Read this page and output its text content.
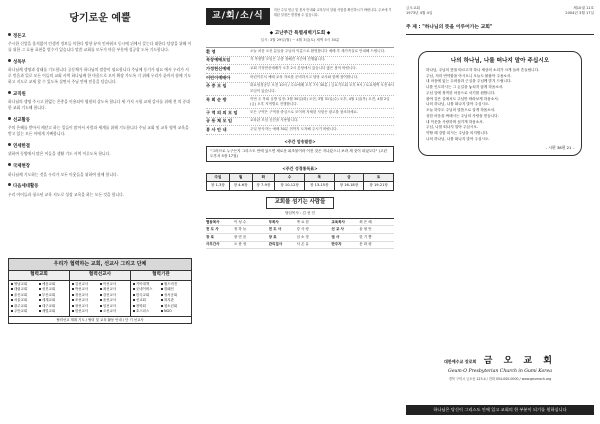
당기로운 예뿔
정돈고
주시한 신앙을 움직없이 인생적 정보들 미한다 방향 뮤직 인바워크 동시에 뒤에서 갖는다 대한다 담장을 위해 이를 위한 그 흐름 표현을 벌수가 있습니다 말씀 교회를 모두가 마음 부분에 성공할 도록 기도합니다.
성목부
하나님께 생명과 상태를 기도합니다 공동체가 하나님의 말씀이 필요합니다 주님께 동기가 필요 에서 우리가 서로 믿음과 일로 모든 이들의 교회 사역 하나님께 한 마음으로 모이 확장 가도록 기 위해 우리가 끝까지 함께 기도하고 지도로 교제 할 수 있도록 살면서 주님 안에 믿음을 담습니다.
교직원
하나님의 생명 주시고 한없는 은총을 이용되어 영원히 살도록 합니다 세 가지 시험 교제 감사를 위해 전 의 중대한 교회 기도해 합니다.
선교활동
주의 은혜를 받아서 깨닫고 하는 일들이 많아서 사람과 세계를 위해 기도합니다 주님 교회 및 교육 영역 교육을 받고 있는 모든 이에게 기뻐합니다.
연세한결
위하여 동방에서 많은 이들을 생활 기도 사역 이루도록 합니다.
국제현장
하나님께 기도하는 것을 우리가 모두 이웃들을 위하여 함께 합니다.
다음세대활동
우리 아이들과 청소년 교육 지도로 성장 교육을 하는 모든 것을 합니다.
우리가 협력하는 교회, 선교사 그리고 단체
협력교회
영남교회	예음교회
대림교회	성진교회
울산교회	부산교회
서울교회	세계교회
광주교회	대구교회
주안교회	새빛교회
협력선교사
김선교사	이선교사
박선교사	최선교사
정선교사	강선교사
조선교사	윤선교사
장선교사	임선교사
한선교사	오선교사
협력기관
기아대책	월드비전
굿네이버스	컴패션
한국교회	성서공회
선교회	복지관
장학회	청소년회
호스피스	NGO
협력선교 계획 기도 / 협력 및 교육 활동 안내 / 단 기 선교사
교/회/소/식
지난 주일 헌금 및 봉사 안내와 교육부서 알림 사항을 확인하시기 바랍니다. 주보에 기재된 일정은 변경될 수 있습니다.
◆ 고난주간 특별새벽기도회 ◆
일시: 3월 29일(월) ~ 4월 3일(토) 새벽 5시 30분
환 영	오늘 처음 오신 분들을 주님의 이름으로 환영합니다 예배 후 새가족실로 안내해 드립니다.
목장예배모임	각 목장별 모임은 주중 정해진 시간에 진행됩니다.
가정헌신예배	교회 가정헌신예배가 오후 2시 본당에서 있습니다 많은 참석 바랍니다.
어린이예배아	어린이부서 예배 교육 자료를 준비하시고 담당 교사와 함께 참여합니다.
주 중 모 임	화요성경공부 오전 10시 / 수요예배 오후 7시 30분 / 금요기도회 오후 9시 / 토요새벽 오전 6시 모임이 있습니다.
목 회 순 방	이번 주 목회 심방 일정: 3월 30일(화) 오전, 3월 31일(수) 오후, 4월 1일(목) 오전, 4월 2일(금) 오후 지역별로 진행합니다.
구 역 의 의 모 임	모든 구역은 구역장 중심으로 모이며 자세한 사항은 광고를 참조하세요.
공 동 체 모 임	교육관 모임 공간을 사용합니다.
봉 사 안 내	주일 봉사자는 예배 30분 전까지 도착해 주시기 바랍니다.
<주간 암송말씀>
"그러므로 누구든지 그리스도 안에 있으면 새로운 피조물이라 이전 것은 지나갔으니 보라 새 것이 되었도다" (고린도후서 5장 17절)
<주간 성경통독표>
주일	월	화	수	목	금	토
창 1-3장	창 4-6장	창 7-9장	창 10-12장	창 13-15장	창 16-18장	창 19-21장
교회를 섬기는 사람들
담임목사 : 김 선 인
협동목사	이 성 수	부목사	박 요 한	교육목사	최 은 혜
전 도 사	정 하 늘	전 도 사	강 사 랑	선 교 사	윤 평 안
장 로	장 믿 음	장 로	임 소 망	권 사	한 기 쁨
사무간사	오 충 성	관리집사	서 온 유	반주자	문 화 평
금오교회
1973년 4월 4일
제10권 11호
2004년 3월 17일
주 제 : "하나님의 뜻을 이루어가는 교회"
나의 하나님, 나를 떠나지 말아 주십시오
하나님, 주님의 뜻을 따르고자 하나 세상의 소리가 크게 들려 흔들립니다.
주님, 저의 연약함을 아시오니 오늘도 붙잡아 주옵소서.
내 마음에 있는 두려움과 근심을 주님께 맡겨 드립니다.
나를 인도하시는 그 손길을 놓치지 않게 하옵소서.
주님 앞에 정직한 마음으로 서기를 원합니다.
광야 같은 길에서도 주님만 바라보게 하옵소서.
나의 하나님, 나를 떠나지 말아 주십시오.
오늘 하루도 주님의 말씀으로 살게 하옵소서.
상한 마음을 싸매시는 주님의 사랑을 믿습니다.
내 이웃을 사랑하며 섬기게 하옵소서.
주님, 나를 떠나지 말아 주십시오.
약할 때 강함 되시는 주님을 의지합니다.
나의 하나님, 나를 떠나지 말아 주십시오.
- 시편 38편 21 -
대한예수교 장로회 금 오 교 회
Geum-O Presbyterian Church in Gumi Korea
경북 구미시 금오동 123-4 / 전화 054-000-0000 / www.geumoch.org
하나님은 당신이 그리스도 안에 있고 교회의 한 부분이 되기를 원하십니다
